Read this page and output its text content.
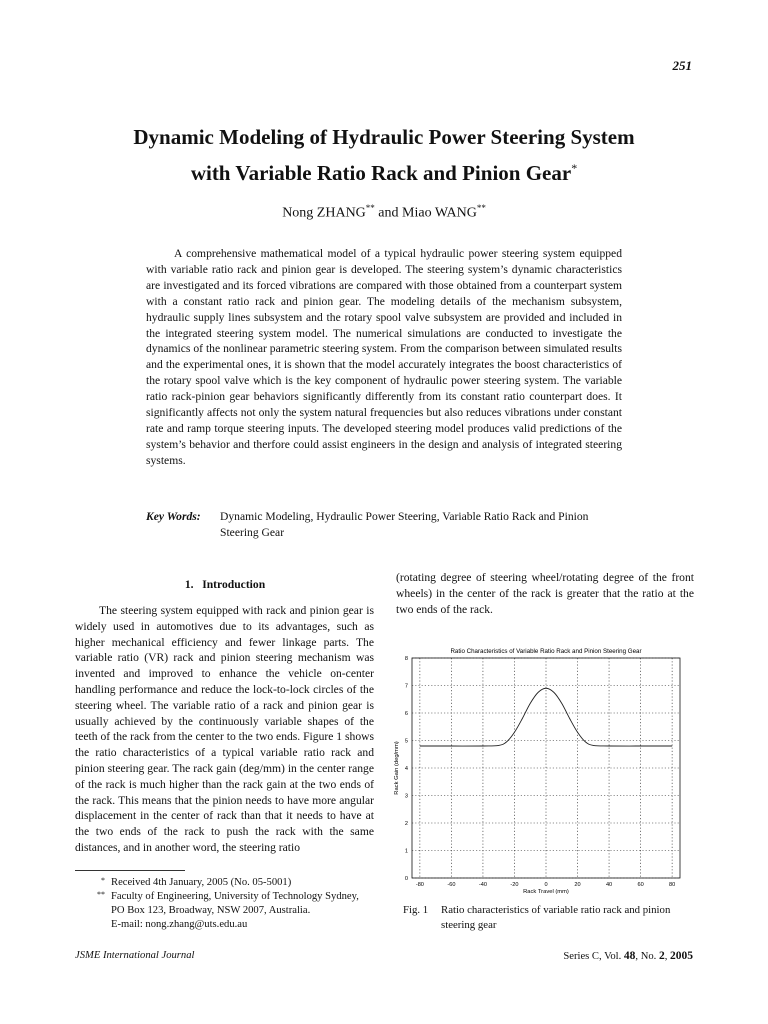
251
Dynamic Modeling of Hydraulic Power Steering System
with Variable Ratio Rack and Pinion Gear*
Nong ZHANG** and Miao WANG**
A comprehensive mathematical model of a typical hydraulic power steering system equipped with variable ratio rack and pinion gear is developed. The steering system’s dynamic characteristics are investigated and its forced vibrations are compared with those obtained from a counterpart system with a constant ratio rack and pinion gear. The modeling details of the mechanism subsystem, hydraulic supply lines subsystem and the rotary spool valve subsystem are provided and included in the integrated steering system model. The numerical simulations are conducted to investigate the dynamics of the nonlinear parametric steering system. From the comparison between simulated results and the experimental ones, it is shown that the model accurately integrates the boost characteristics of the rotary spool valve which is the key component of hydraulic power steering system. The variable ratio rack-pinion gear behaviors significantly differently from its constant ratio counterpart does. It significantly affects not only the system natural frequencies but also reduces vibrations under constant rate and ramp torque steering inputs. The developed steering model produces valid predictions of the system’s behavior and therfore could assist engineers in the design and analysis of integrated steering systems.
Key Words:	Dynamic Modeling, Hydraulic Power Steering, Variable Ratio Rack and Pinion Steering Gear
1.   Introduction
The steering system equipped with rack and pinion gear is widely used in automotives due to its advantages, such as higher mechanical efficiency and fewer linkage parts. The variable ratio (VR) rack and pinion steering mechanism was invented and improved to enhance the vehicle on-center handling performance and reduce the lock-to-lock circles of the steering wheel. The variable ratio of a rack and pinion gear is usually achieved by the continuously variable shapes of the teeth of the rack from the center to the two ends. Figure 1 shows the ratio characteristics of a typical variable ratio rack and pinion steering gear. The rack gain (deg/mm) in the center range of the rack is much higher than the rack gain at the two ends of the rack. This means that the pinion needs to have more angular displacement in the center of rack than that it needs to have at the two ends of the rack to push the rack with the same distances, and in another word, the steering ratio
(rotating degree of steering wheel/rotating degree of the front wheels) in the center of the rack is greater that the ratio at the two ends of the rack.
-80	-60	-40	-20	0	20	40	60	80
0
1
2
3
4
5
6
7
8
Ratio Characteristics of Variable Ratio Rack and Pinion Steering Gear
Rack Travel (mm)
Rack Gain (deg/mm)
* Received 4th January, 2005 (No. 05-5001)
** Faculty of Engineering, University of Technology Sydney, PO Box 123, Broadway, NSW 2007, Australia.
E-mail: nong.zhang@uts.edu.au
Fig. 1	Ratio characteristics of variable ratio rack and pinion steering gear
JSME International Journal	Series C, Vol. 48, No. 2, 2005
